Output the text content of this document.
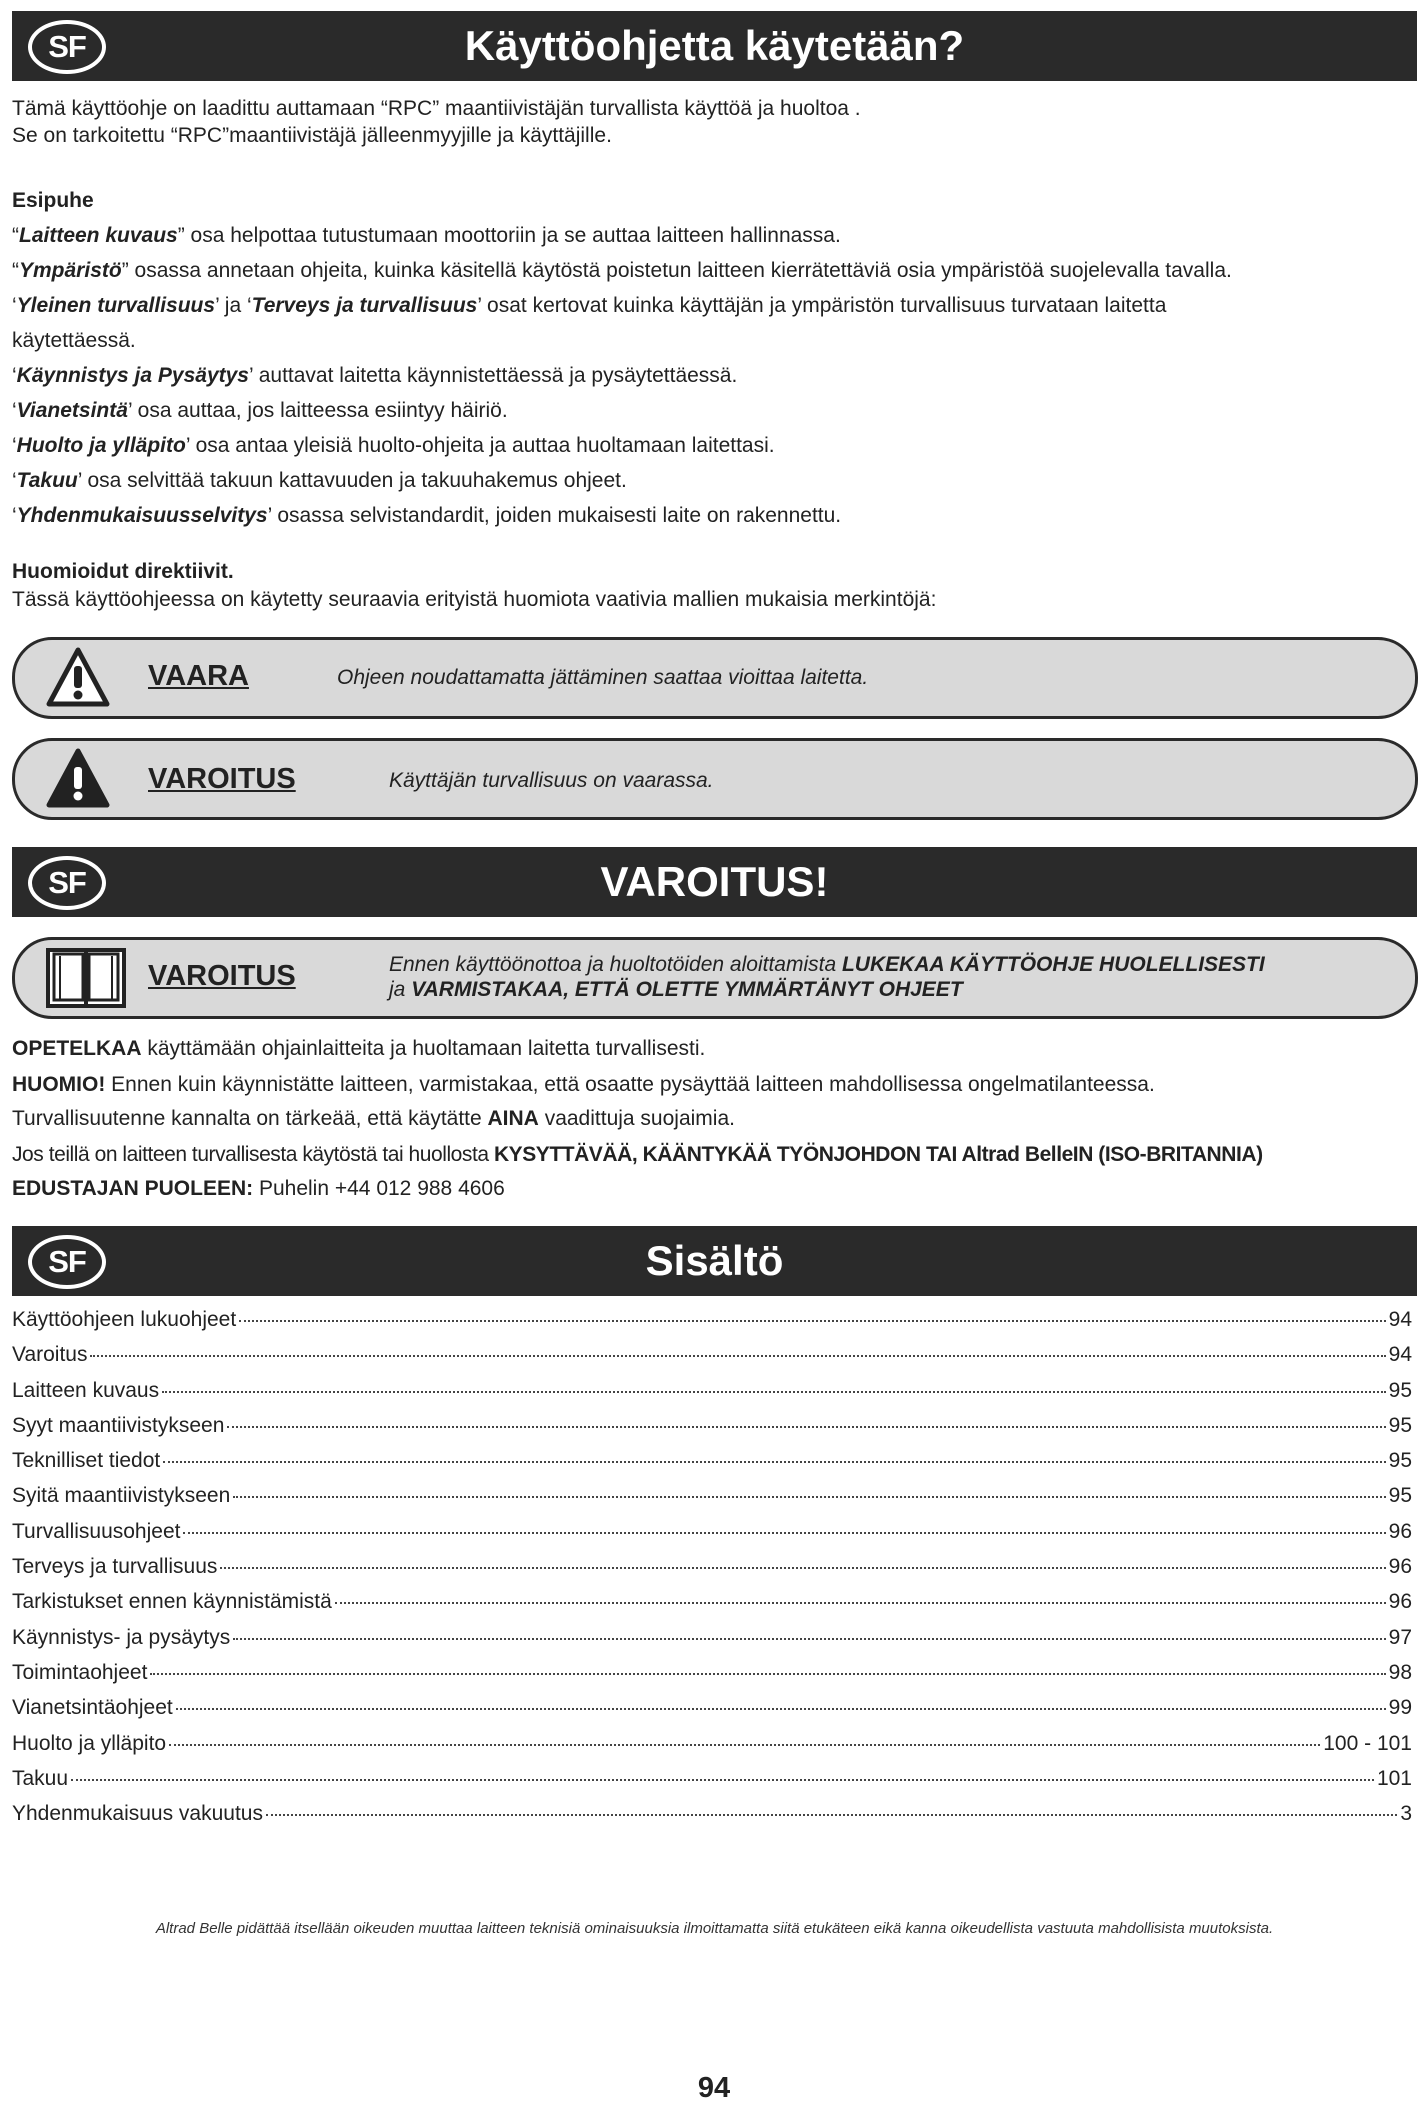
SF	Käyttöohjetta käytetään?
Tämä käyttöohje on laadittu auttamaan “RPC” maantiivistäjän turvallista käyttöä ja huoltoa .
Se on tarkoitettu “RPC”maantiivistäjä jälleenmyyjille ja käyttäjille.
Esipuhe
“Laitteen kuvaus” osa helpottaa tutustumaan moottoriin ja se auttaa laitteen hallinnassa.
“Ympäristö” osassa annetaan ohjeita, kuinka käsitellä käytöstä poistetun laitteen kierrätettäviä osia ympäristöä suojelevalla tavalla.
‘Yleinen turvallisuus’ ja ‘Terveys ja turvallisuus’ osat kertovat kuinka käyttäjän ja ympäristön turvallisuus turvataan laitetta
käytettäessä.
‘Käynnistys ja Pysäytys’ auttavat laitetta käynnistettäessä ja pysäytettäessä.
‘Vianetsintä’ osa auttaa, jos laitteessa esiintyy häiriö.
‘Huolto ja ylläpito’ osa antaa yleisiä huolto-ohjeita ja auttaa huoltamaan laitettasi.
‘Takuu’ osa selvittää takuun kattavuuden ja takuuhakemus ohjeet.
‘Yhdenmukaisuusselvitys’ osassa selvistandardit, joiden mukaisesti laite on rakennettu.
Huomioidut direktiivit.
Tässä käyttöohjeessa on käytetty seuraavia erityistä huomiota vaativia mallien mukaisia merkintöjä:
VAARA	Ohjeen noudattamatta jättäminen saattaa vioittaa laitetta.
VAROITUS	Käyttäjän turvallisuus on vaarassa.
SF	VAROITUS!
VAROITUS	Ennen käyttöönottoa ja huoltotöiden aloittamista LUKEKAA KÄYTTÖOHJE HUOLELLISESTI
ja VARMISTAKAA, ETTÄ OLETTE YMMÄRTÄNYT OHJEET
OPETELKAA käyttämään ohjainlaitteita ja huoltamaan laitetta turvallisesti.
HUOMIO! Ennen kuin käynnistätte laitteen, varmistakaa, että osaatte pysäyttää laitteen mahdollisessa ongelmatilanteessa.
Turvallisuutenne kannalta on tärkeää, että käytätte AINA vaadittuja suojaimia.
Jos teillä on laitteen turvallisesta käytöstä tai huollosta KYSYTTÄVÄÄ, KÄÄNTYKÄÄ TYÖNJOHDON TAI Altrad BelleIN (ISO-BRITANNIA)
EDUSTAJAN PUOLEEN: Puhelin +44 012 988 4606
SF	Sisältö
Käyttöohjeen lukuohjeet	94
Varoitus	94
Laitteen kuvaus	95
Syyt maantiivistykseen	95
Teknilliset tiedot	95
Syitä maantiivistykseen	95
Turvallisuusohjeet	96
Terveys ja turvallisuus	96
Tarkistukset ennen käynnistämistä	96
Käynnistys- ja pysäytys	97
Toimintaohjeet	98
Vianetsintäohjeet	99
Huolto ja ylläpito	100 - 101
Takuu	101
Yhdenmukaisuus vakuutus	3
Altrad Belle pidättää itsellään oikeuden muuttaa laitteen teknisiä ominaisuuksia ilmoittamatta siitä etukäteen eikä kanna oikeudellista vastuuta mahdollisista muutoksista.
94
